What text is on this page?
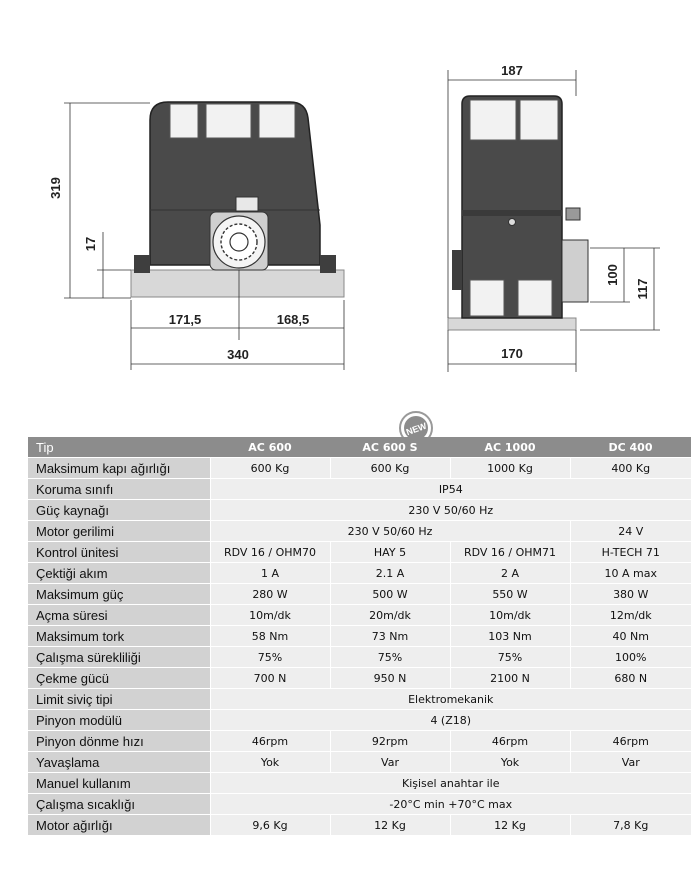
319
17
171,5	168,5
340
187
170
100
117
NEW
Tip	AC 600	AC 600 S	AC 1000	DC 400
Maksimum kapı ağırlığı	600 Kg	600 Kg	1000 Kg	400 Kg
Koruma sınıfı	IP54			
Güç kaynağı	230 V 50/60 Hz			
Motor gerilimi	230 V 50/60 Hz			24 V
Kontrol ünitesi	RDV 16 / OHM70	HAY 5	RDV 16 / OHM71	H-TECH 71
Çektiği akım	1 A	2.1 A	2 A	10 A max
Maksimum güç	280 W	500 W	550 W	380 W
Açma süresi	10m/dk	20m/dk	10m/dk	12m/dk
Maksimum tork	58 Nm	73 Nm	103 Nm	40 Nm
Çalışma sürekliliği	75%	75%	75%	100%
Çekme gücü	700 N	950 N	2100 N	680 N
Limit siviç tipi	Elektromekanik			
Pinyon modülü	4 (Z18)			
Pinyon dönme hızı	46rpm	92rpm	46rpm	46rpm
Yavaşlama	Yok	Var	Yok	Var
Manuel kullanım	Kişisel anahtar ile			
Çalışma sıcaklığı	-20°C min +70°C max			
Motor ağırlığı	9,6 Kg	12 Kg	12 Kg	7,8 Kg
